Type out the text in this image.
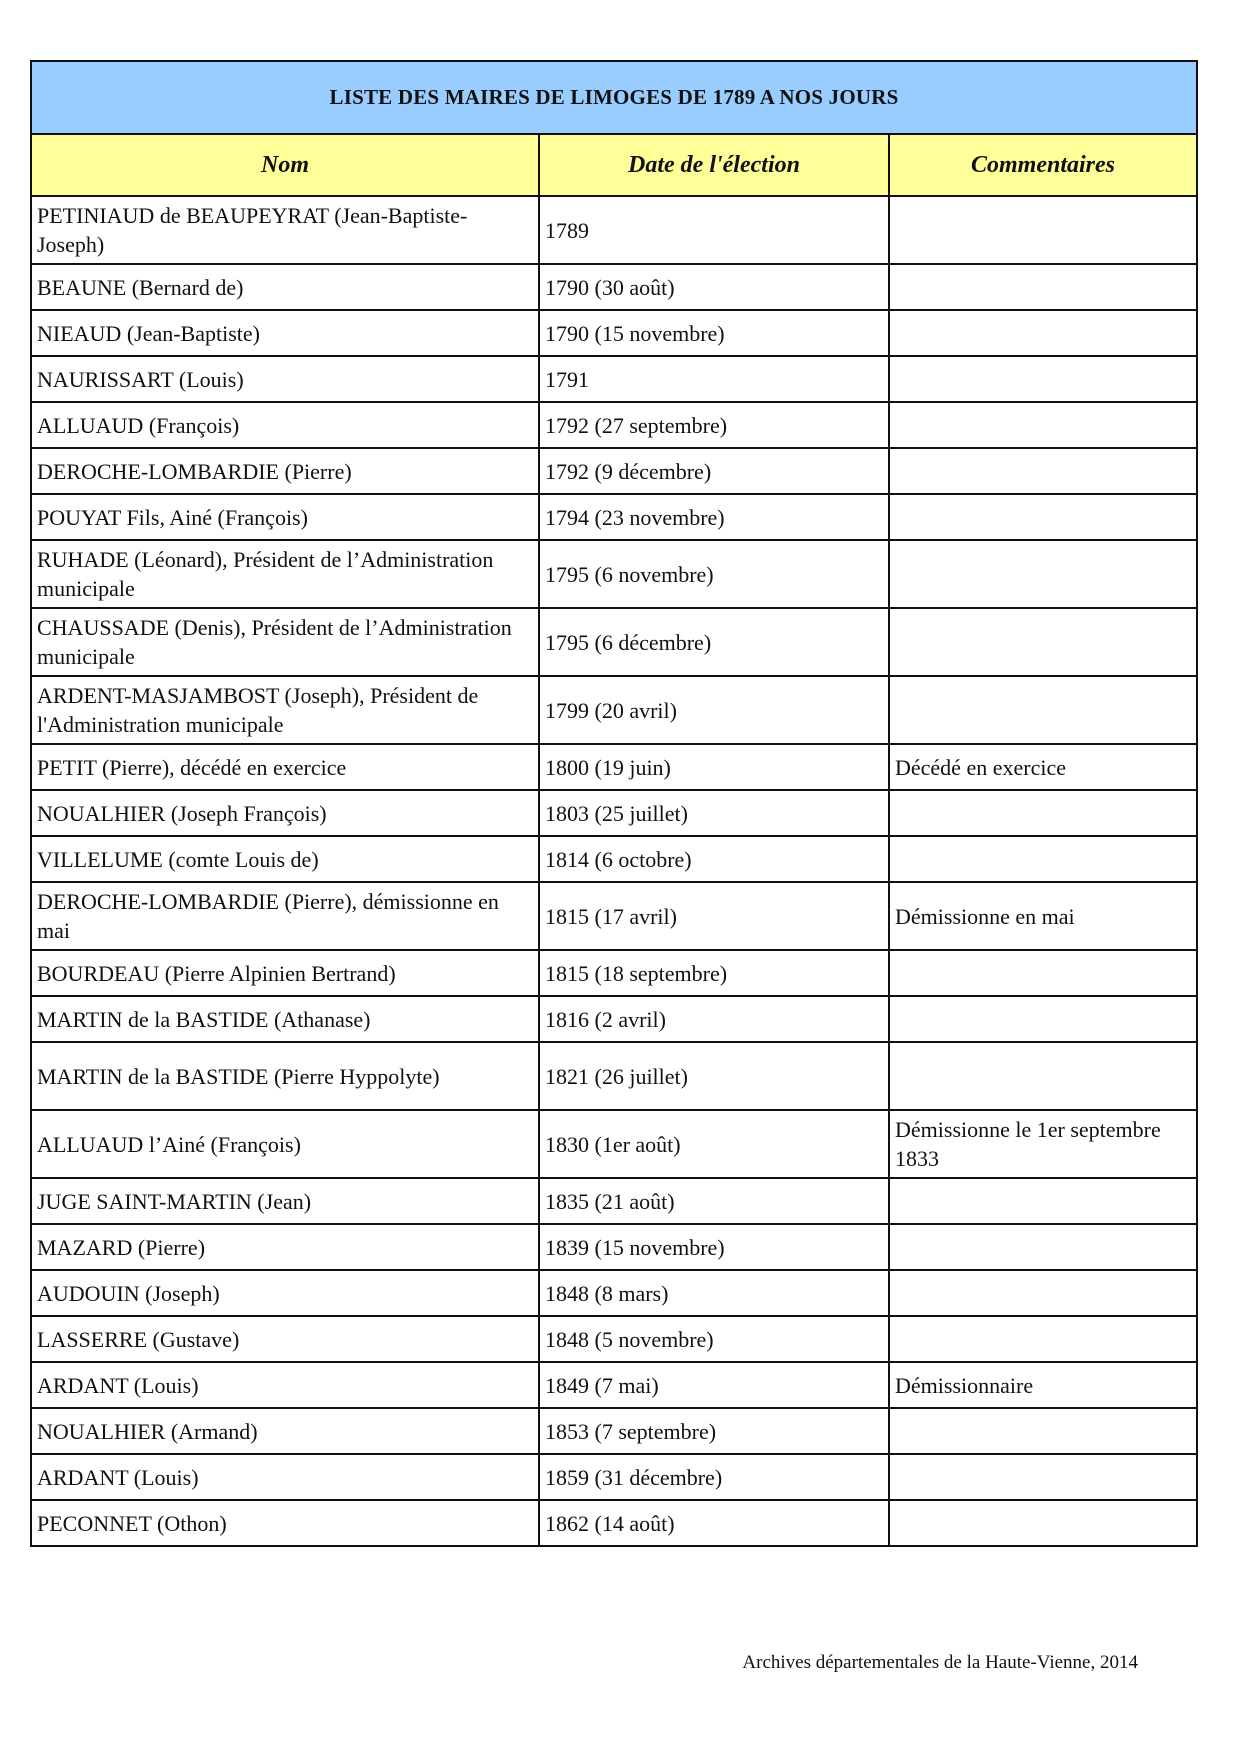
LISTE DES MAIRES DE LIMOGES DE 1789 A NOS JOURS		
Nom	Date de l'élection	Commentaires
PETINIAUD de BEAUPEYRAT (Jean-Baptiste-Joseph)	1789	
BEAUNE (Bernard de)	1790 (30 août)	
NIEAUD (Jean-Baptiste)	1790 (15 novembre)	
NAURISSART (Louis)	1791	
ALLUAUD (François)	1792 (27 septembre)	
DEROCHE-LOMBARDIE (Pierre)	1792 (9 décembre)	
POUYAT Fils, Ainé (François)	1794 (23 novembre)	
RUHADE (Léonard), Président de l’Administration municipale	1795 (6 novembre)	
CHAUSSADE (Denis), Président de l’Administration municipale	1795 (6 décembre)	
ARDENT-MASJAMBOST (Joseph), Président de l'Administration municipale	1799 (20 avril)	
PETIT (Pierre), décédé en exercice	1800 (19 juin)	Décédé en exercice
NOUALHIER (Joseph François)	1803 (25 juillet)	
VILLELUME (comte Louis de)	1814 (6 octobre)	
DEROCHE-LOMBARDIE (Pierre), démissionne en mai	1815 (17 avril)	Démissionne en mai
BOURDEAU (Pierre Alpinien Bertrand)	1815 (18 septembre)	
MARTIN de la BASTIDE (Athanase)	1816 (2 avril)	
MARTIN de la BASTIDE (Pierre Hyppolyte)	1821 (26 juillet)	
ALLUAUD l’Ainé (François)	1830 (1er août)	Démissionne le 1er septembre 1833
JUGE SAINT-MARTIN (Jean)	1835 (21 août)	
MAZARD (Pierre)	1839 (15 novembre)	
AUDOUIN (Joseph)	1848 (8 mars)	
LASSERRE (Gustave)	1848 (5 novembre)	
ARDANT (Louis)	1849 (7 mai)	Démissionnaire
NOUALHIER (Armand)	1853 (7 septembre)	
ARDANT (Louis)	1859 (31 décembre)	
PECONNET (Othon)	1862 (14 août)	
Archives départementales de la Haute-Vienne, 2014
